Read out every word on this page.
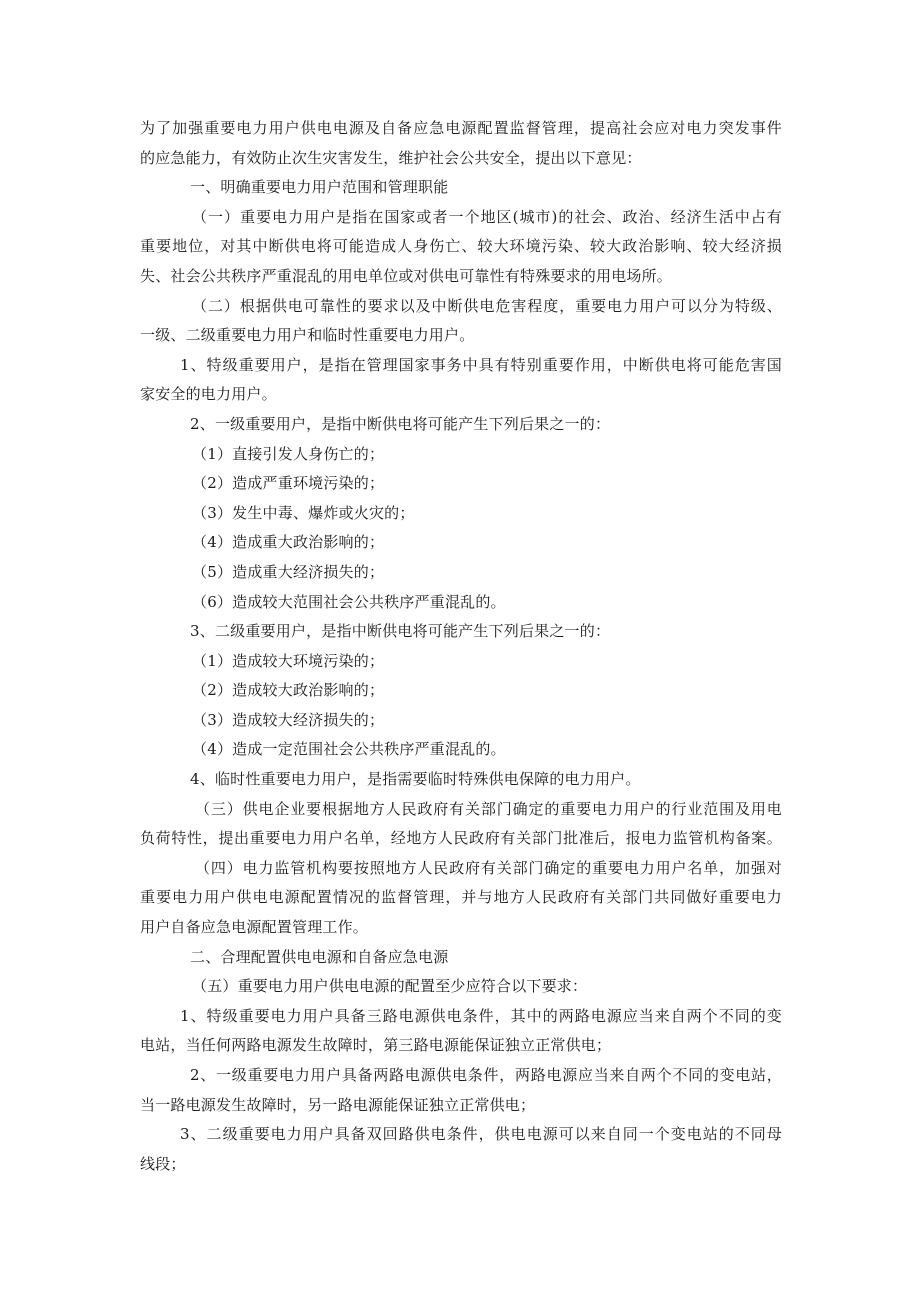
为了加强重要电力用户供电电源及自备应急电源配置监督管理，提高社会应对电力突发事件
的应急能力，有效防止次生灾害发生，维护社会公共安全，提出以下意见：
一、明确重要电力用户范围和管理职能
（一）重要电力用户是指在国家或者一个地区(城市)的社会、政治、经济生活中占有
重要地位，对其中断供电将可能造成人身伤亡、较大环境污染、较大政治影响、较大经济损
失、社会公共秩序严重混乱的用电单位或对供电可靠性有特殊要求的用电场所。
（二）根据供电可靠性的要求以及中断供电危害程度，重要电力用户可以分为特级、
一级、二级重要电力用户和临时性重要电力用户。
1、特级重要用户，是指在管理国家事务中具有特别重要作用，中断供电将可能危害国
家安全的电力用户。
2、一级重要用户，是指中断供电将可能产生下列后果之一的：
（1）直接引发人身伤亡的；
（2）造成严重环境污染的；
（3）发生中毒、爆炸或火灾的；
（4）造成重大政治影响的；
（5）造成重大经济损失的；
（6）造成较大范围社会公共秩序严重混乱的。
3、二级重要用户，是指中断供电将可能产生下列后果之一的：
（1）造成较大环境污染的；
（2）造成较大政治影响的；
（3）造成较大经济损失的；
（4）造成一定范围社会公共秩序严重混乱的。
4、临时性重要电力用户，是指需要临时特殊供电保障的电力用户。
（三）供电企业要根据地方人民政府有关部门确定的重要电力用户的行业范围及用电
负荷特性，提出重要电力用户名单，经地方人民政府有关部门批准后，报电力监管机构备案。
（四）电力监管机构要按照地方人民政府有关部门确定的重要电力用户名单，加强对
重要电力用户供电电源配置情况的监督管理，并与地方人民政府有关部门共同做好重要电力
用户自备应急电源配置管理工作。
二、合理配置供电电源和自备应急电源
（五）重要电力用户供电电源的配置至少应符合以下要求：
1、特级重要电力用户具备三路电源供电条件，其中的两路电源应当来自两个不同的变
电站，当任何两路电源发生故障时，第三路电源能保证独立正常供电；
2、一级重要电力用户具备两路电源供电条件，两路电源应当来自两个不同的变电站，
当一路电源发生故障时，另一路电源能保证独立正常供电；
3、二级重要电力用户具备双回路供电条件，供电电源可以来自同一个变电站的不同母
线段；
